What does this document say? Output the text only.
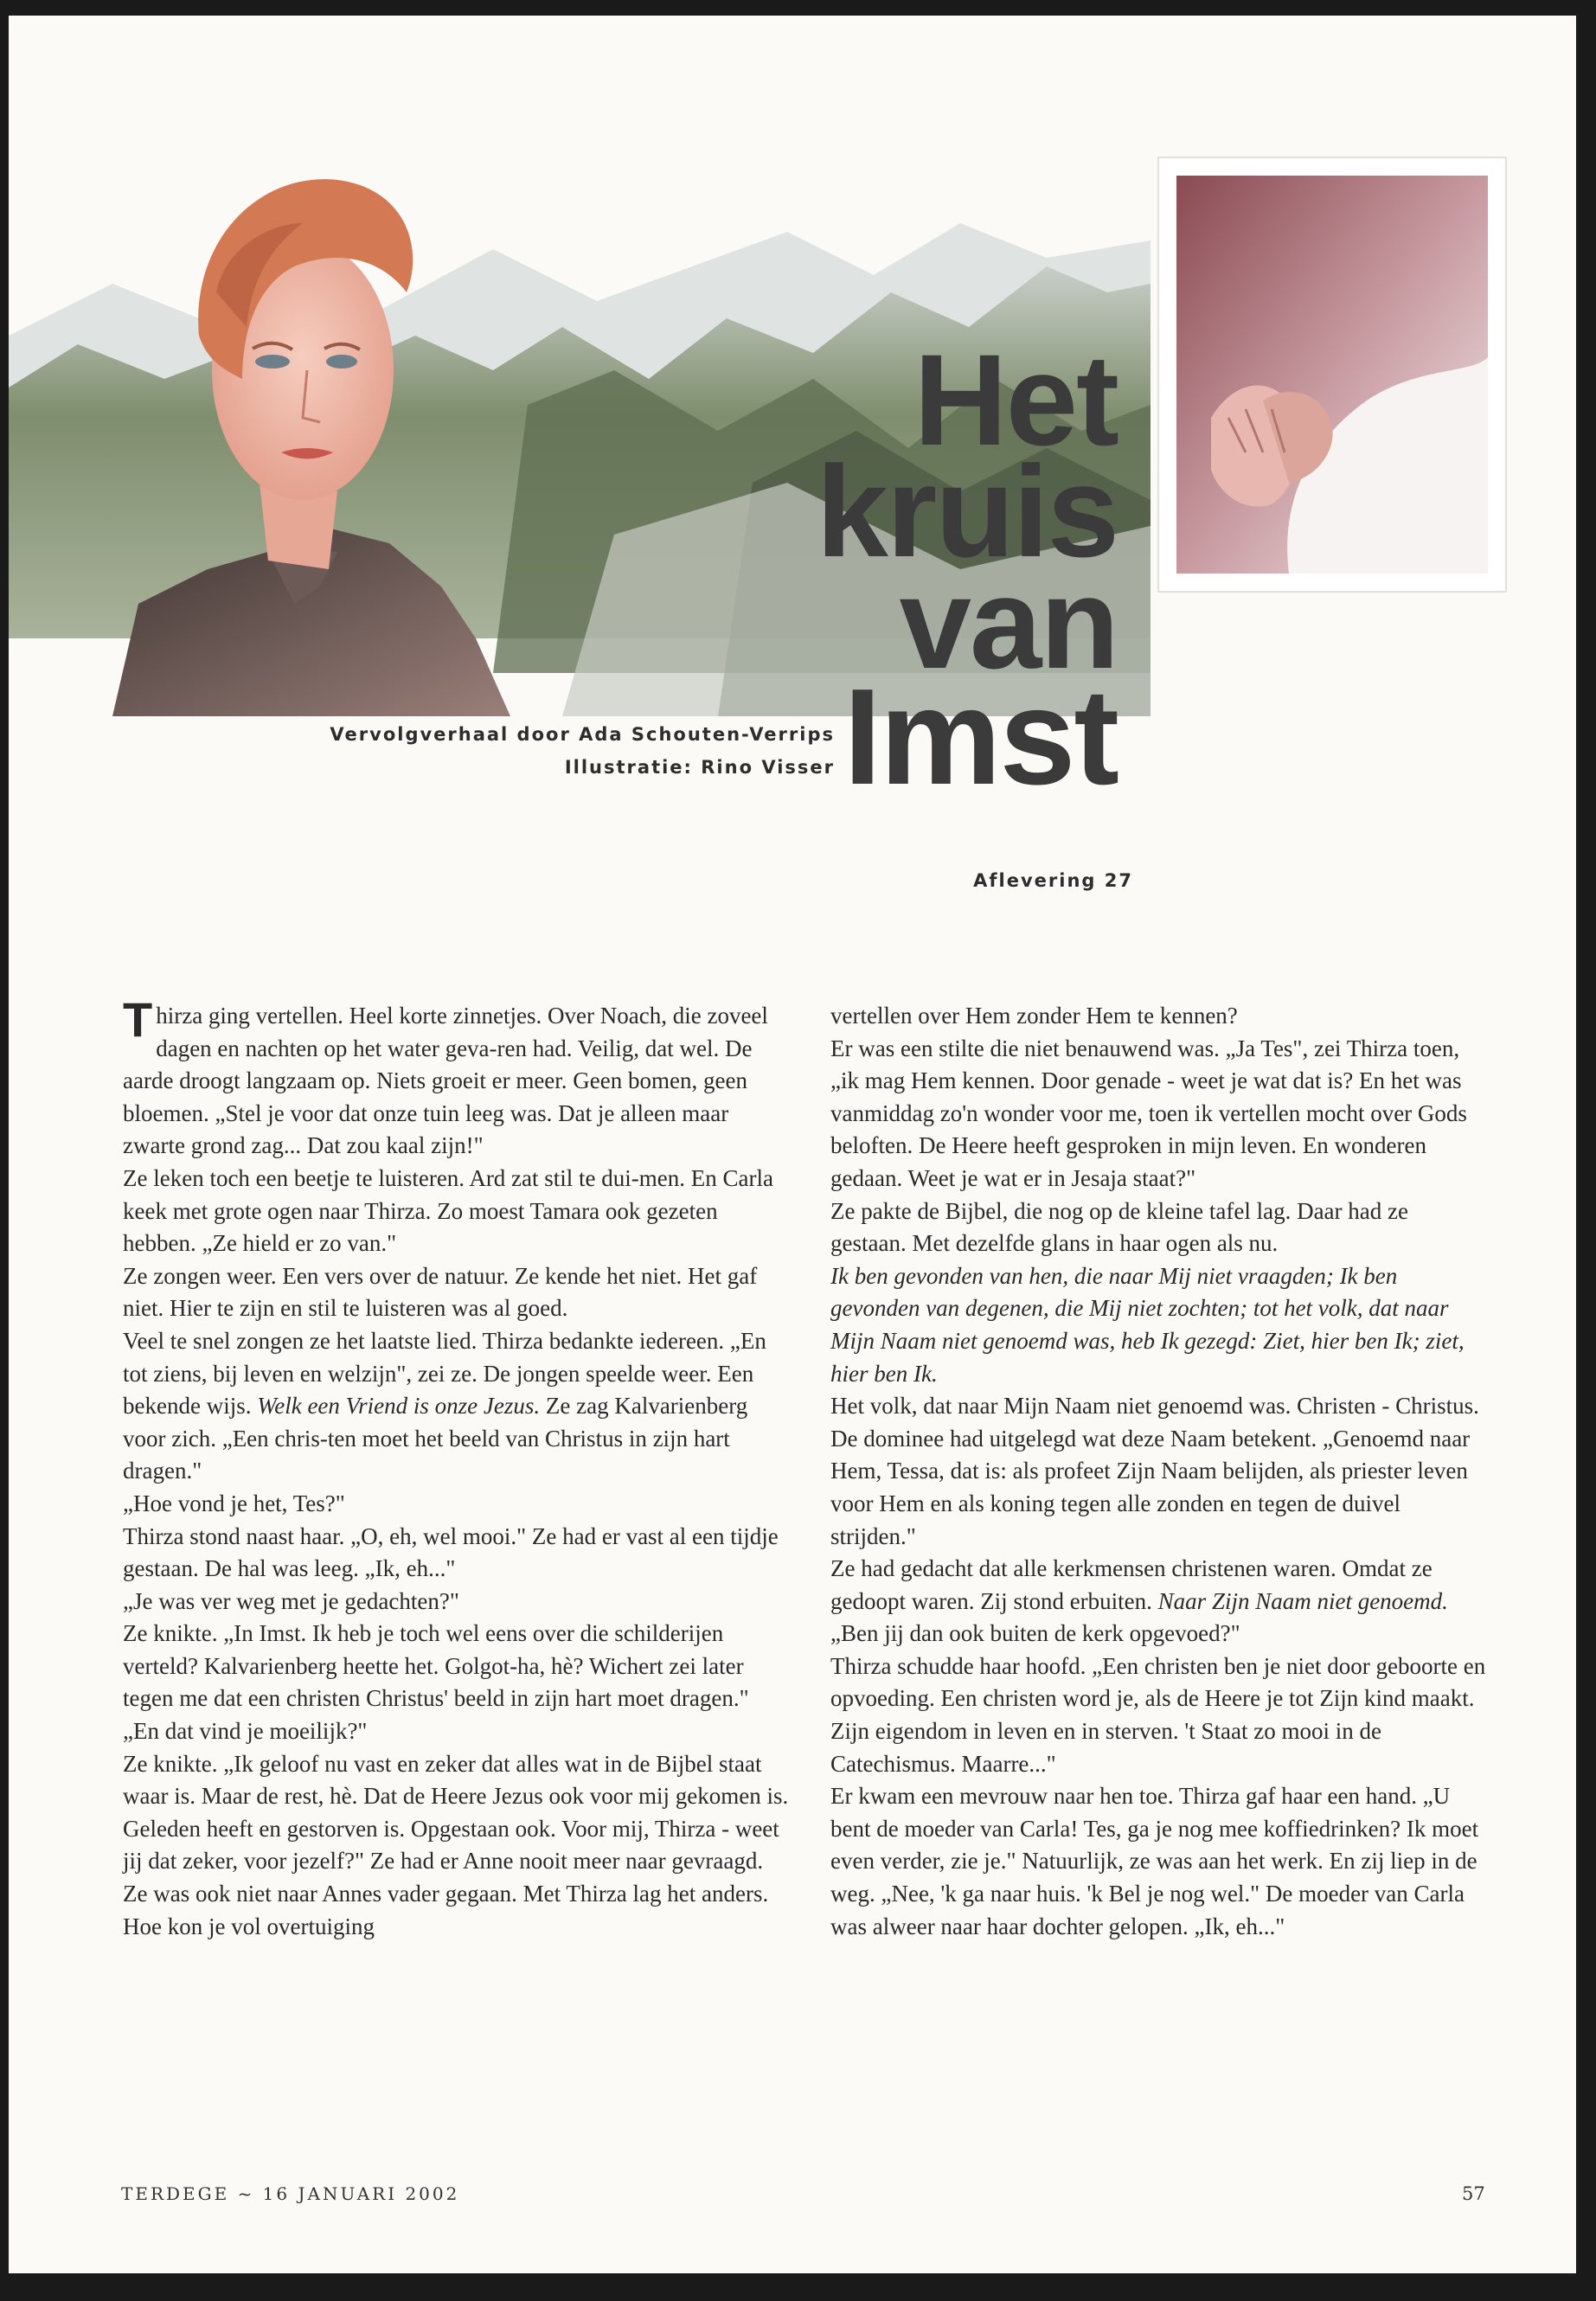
Het
kruis
van
Imst
Vervolgverhaal door Ada Schouten-Verrips
Illustratie: Rino Visser
Aflevering 27

Thirza ging vertellen. Heel korte zinnetjes. Over Noach, die zoveel dagen en nachten op het water geva-ren had. Veilig, dat wel. De aarde droogt langzaam op. Niets groeit er meer. Geen bomen, geen bloemen. „Stel je voor dat onze tuin leeg was. Dat je alleen maar zwarte grond zag... Dat zou kaal zijn!"

Ze leken toch een beetje te luisteren. Ard zat stil te dui-men. En Carla keek met grote ogen naar Thirza. Zo moest Tamara ook gezeten hebben. „Ze hield er zo van."

Ze zongen weer. Een vers over de natuur. Ze kende het niet. Het gaf niet. Hier te zijn en stil te luisteren was al goed.

Veel te snel zongen ze het laatste lied. Thirza bedankte iedereen. „En tot ziens, bij leven en welzijn", zei ze. De jongen speelde weer. Een bekende wijs. Welk een Vriend is onze Jezus. Ze zag Kalvarienberg voor zich. „Een chris-ten moet het beeld van Christus in zijn hart dragen."

„Hoe vond je het, Tes?"

Thirza stond naast haar. „O, eh, wel mooi." Ze had er vast al een tijdje gestaan. De hal was leeg. „Ik, eh..."

„Je was ver weg met je gedachten?"

Ze knikte. „In Imst. Ik heb je toch wel eens over die schilderijen verteld? Kalvarienberg heette het. Golgot-ha, hè? Wichert zei later tegen me dat een christen Christus' beeld in zijn hart moet dragen." „En dat vind je moeilijk?"

Ze knikte. „Ik geloof nu vast en zeker dat alles wat in de Bijbel staat waar is. Maar de rest, hè. Dat de Heere Jezus ook voor mij gekomen is. Geleden heeft en gestorven is. Opgestaan ook. Voor mij, Thirza - weet jij dat zeker, voor jezelf?" Ze had er Anne nooit meer naar gevraagd. Ze was ook niet naar Annes vader gegaan. Met Thirza lag het anders. Hoe kon je vol overtuiging

vertellen over Hem zonder Hem te kennen?

Er was een stilte die niet benauwend was. „Ja Tes", zei Thirza toen, „ik mag Hem kennen. Door genade - weet je wat dat is? En het was vanmiddag zo'n wonder voor me, toen ik vertellen mocht over Gods beloften. De Heere heeft gesproken in mijn leven. En wonderen gedaan. Weet je wat er in Jesaja staat?"

Ze pakte de Bijbel, die nog op de kleine tafel lag. Daar had ze gestaan. Met dezelfde glans in haar ogen als nu.

Ik ben gevonden van hen, die naar Mij niet vraagden; Ik ben gevonden van degenen, die Mij niet zochten; tot het volk, dat naar Mijn Naam niet genoemd was, heb Ik gezegd: Ziet, hier ben Ik; ziet, hier ben Ik.

Het volk, dat naar Mijn Naam niet genoemd was. Christen - Christus. De dominee had uitgelegd wat deze Naam betekent. „Genoemd naar Hem, Tessa, dat is: als profeet Zijn Naam belijden, als priester leven voor Hem en als koning tegen alle zonden en tegen de duivel strijden."

Ze had gedacht dat alle kerkmensen christenen waren. Omdat ze gedoopt waren. Zij stond erbuiten. Naar Zijn Naam niet genoemd. „Ben jij dan ook buiten de kerk opgevoed?"

Thirza schudde haar hoofd. „Een christen ben je niet door geboorte en opvoeding. Een christen word je, als de Heere je tot Zijn kind maakt. Zijn eigendom in leven en in sterven. 't Staat zo mooi in de Catechismus. Maarre..."

Er kwam een mevrouw naar hen toe. Thirza gaf haar een hand. „U bent de moeder van Carla! Tes, ga je nog mee koffiedrinken? Ik moet even verder, zie je." Natuurlijk, ze was aan het werk. En zij liep in de weg. „Nee, 'k ga naar huis. 'k Bel je nog wel." De moeder van Carla was alweer naar haar dochter gelopen. „Ik, eh..."

TERDEGE ~ 16 JANUARI 2002	57
